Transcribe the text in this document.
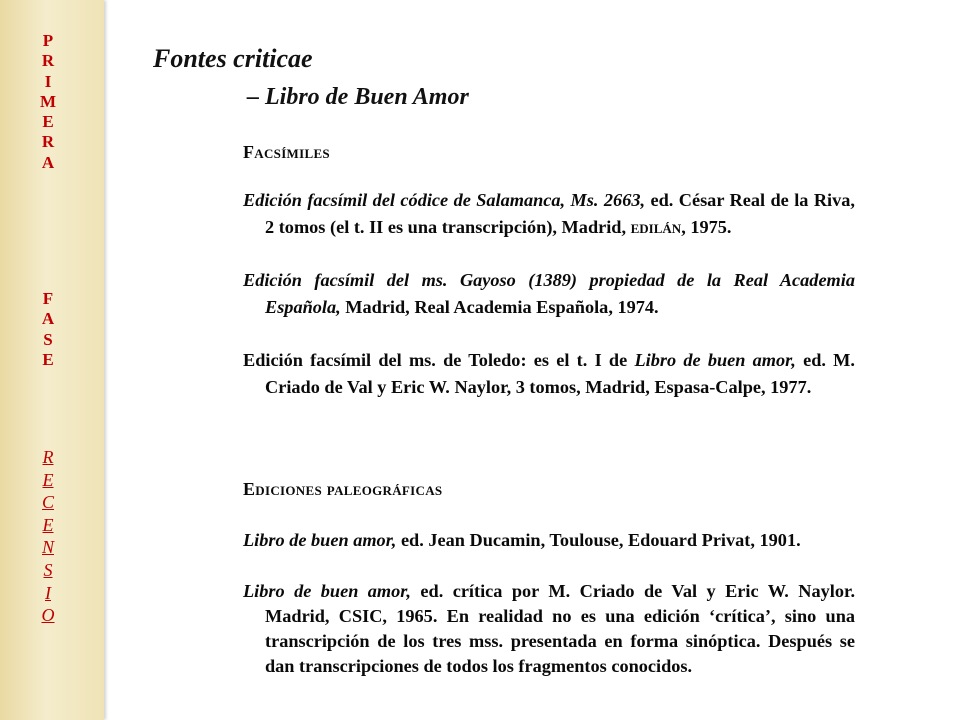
P
R
I
M
E
R
A
F
A
S
E
R
E
C
E
N
S
I
O
Fontes criticae
– Libro de Buen Amor
Facsímiles

Edición facsímil del códice de Salamanca, Ms. 2663, ed. César Real de la Riva, 2 tomos (el t. II es una transcripción), Madrid, edilán, 1975.

Edición facsímil del ms. Gayoso (1389) propiedad de la Real Academia Española, Madrid, Real Academia Española, 1974.

Edición facsímil del ms. de Toledo: es el t. I de Libro de buen amor, ed. M. Criado de Val y Eric W. Naylor, 3 tomos, Madrid, Espasa-Calpe, 1977.

Ediciones paleográficas

Libro de buen amor, ed. Jean Ducamin, Toulouse, Edouard Privat, 1901.

Libro de buen amor, ed. crítica por M. Criado de Val y Eric W. Naylor. Madrid, CSIC, 1965. En realidad no es una edición ‘crítica’, sino una transcripción de los tres mss. presentada en forma sinóptica. Después se dan transcripciones de todos los fragmentos conocidos.
